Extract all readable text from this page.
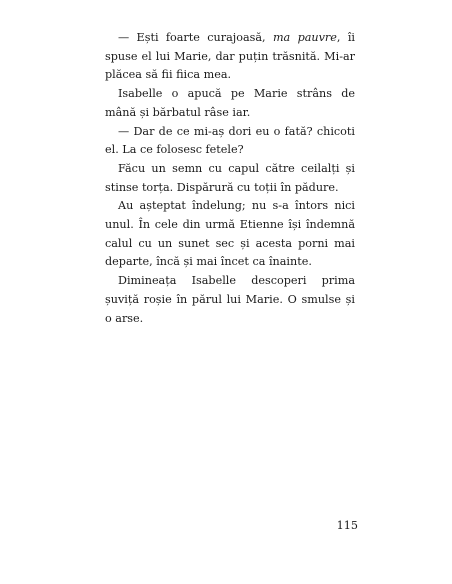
— Ești foarte curajoasă, ma pauvre, îi spuse el lui Marie, dar puțin trăsnită. Mi-ar plăcea să fii fiica mea.

Isabelle o apucă pe Marie strâns de mână și bărbatul râse iar.

— Dar de ce mi-aș dori eu o fată? chicoti el. La ce folosesc fetele?

Făcu un semn cu capul către ceilalți și stinse torța. Dispărură cu toții în pădure.

Au așteptat îndelung; nu s-a întors nici unul. În cele din urmă Etienne își îndemnă calul cu un sunet sec și acesta porni mai departe, încă și mai încet ca înainte.

Dimineața Isabelle descoperi prima șuviță roșie în părul lui Marie. O smulse și o arse.

115
